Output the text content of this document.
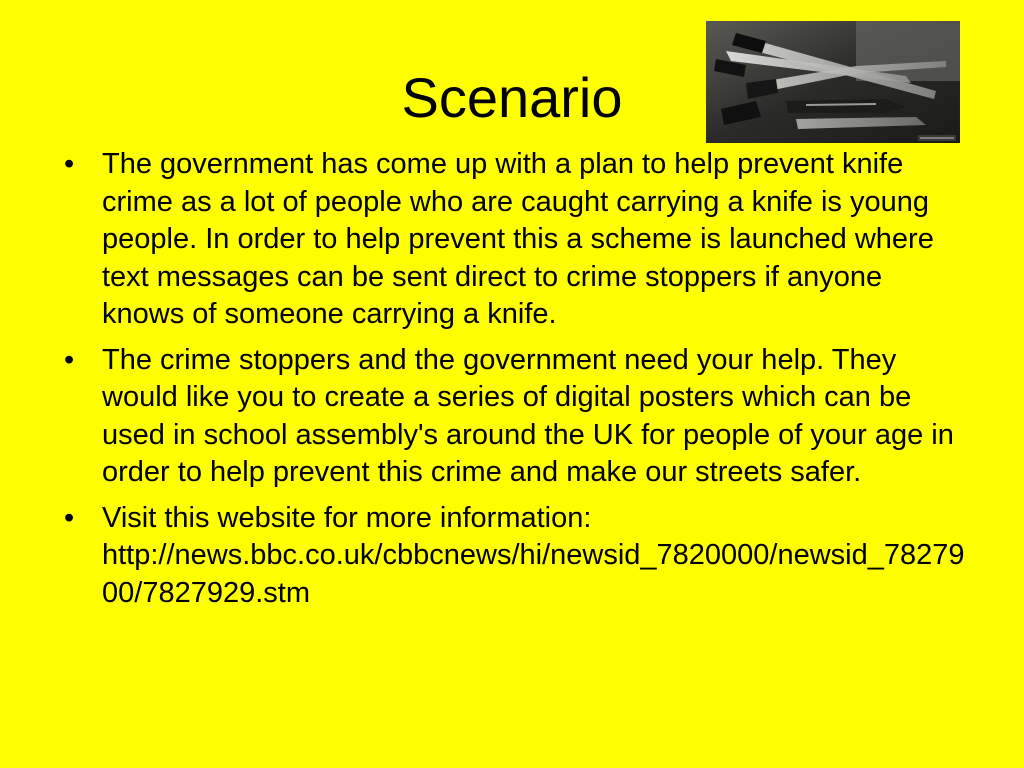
Scenario
• The government has come up with a plan to help prevent knife crime as a lot of people who are caught carrying a knife is young people. In order to help prevent this a scheme is launched where text messages can be sent direct to crime stoppers if anyone knows of someone carrying a knife.
• The crime stoppers and the government need your help. They would like you to create a series of digital posters which can be used in school assembly's around the UK for people of your age in order to help prevent this crime and make our streets safer.
• Visit this website for more information:
http://news.bbc.co.uk/cbbcnews/hi/newsid_7820000/newsid_7827900/7827929.stm
